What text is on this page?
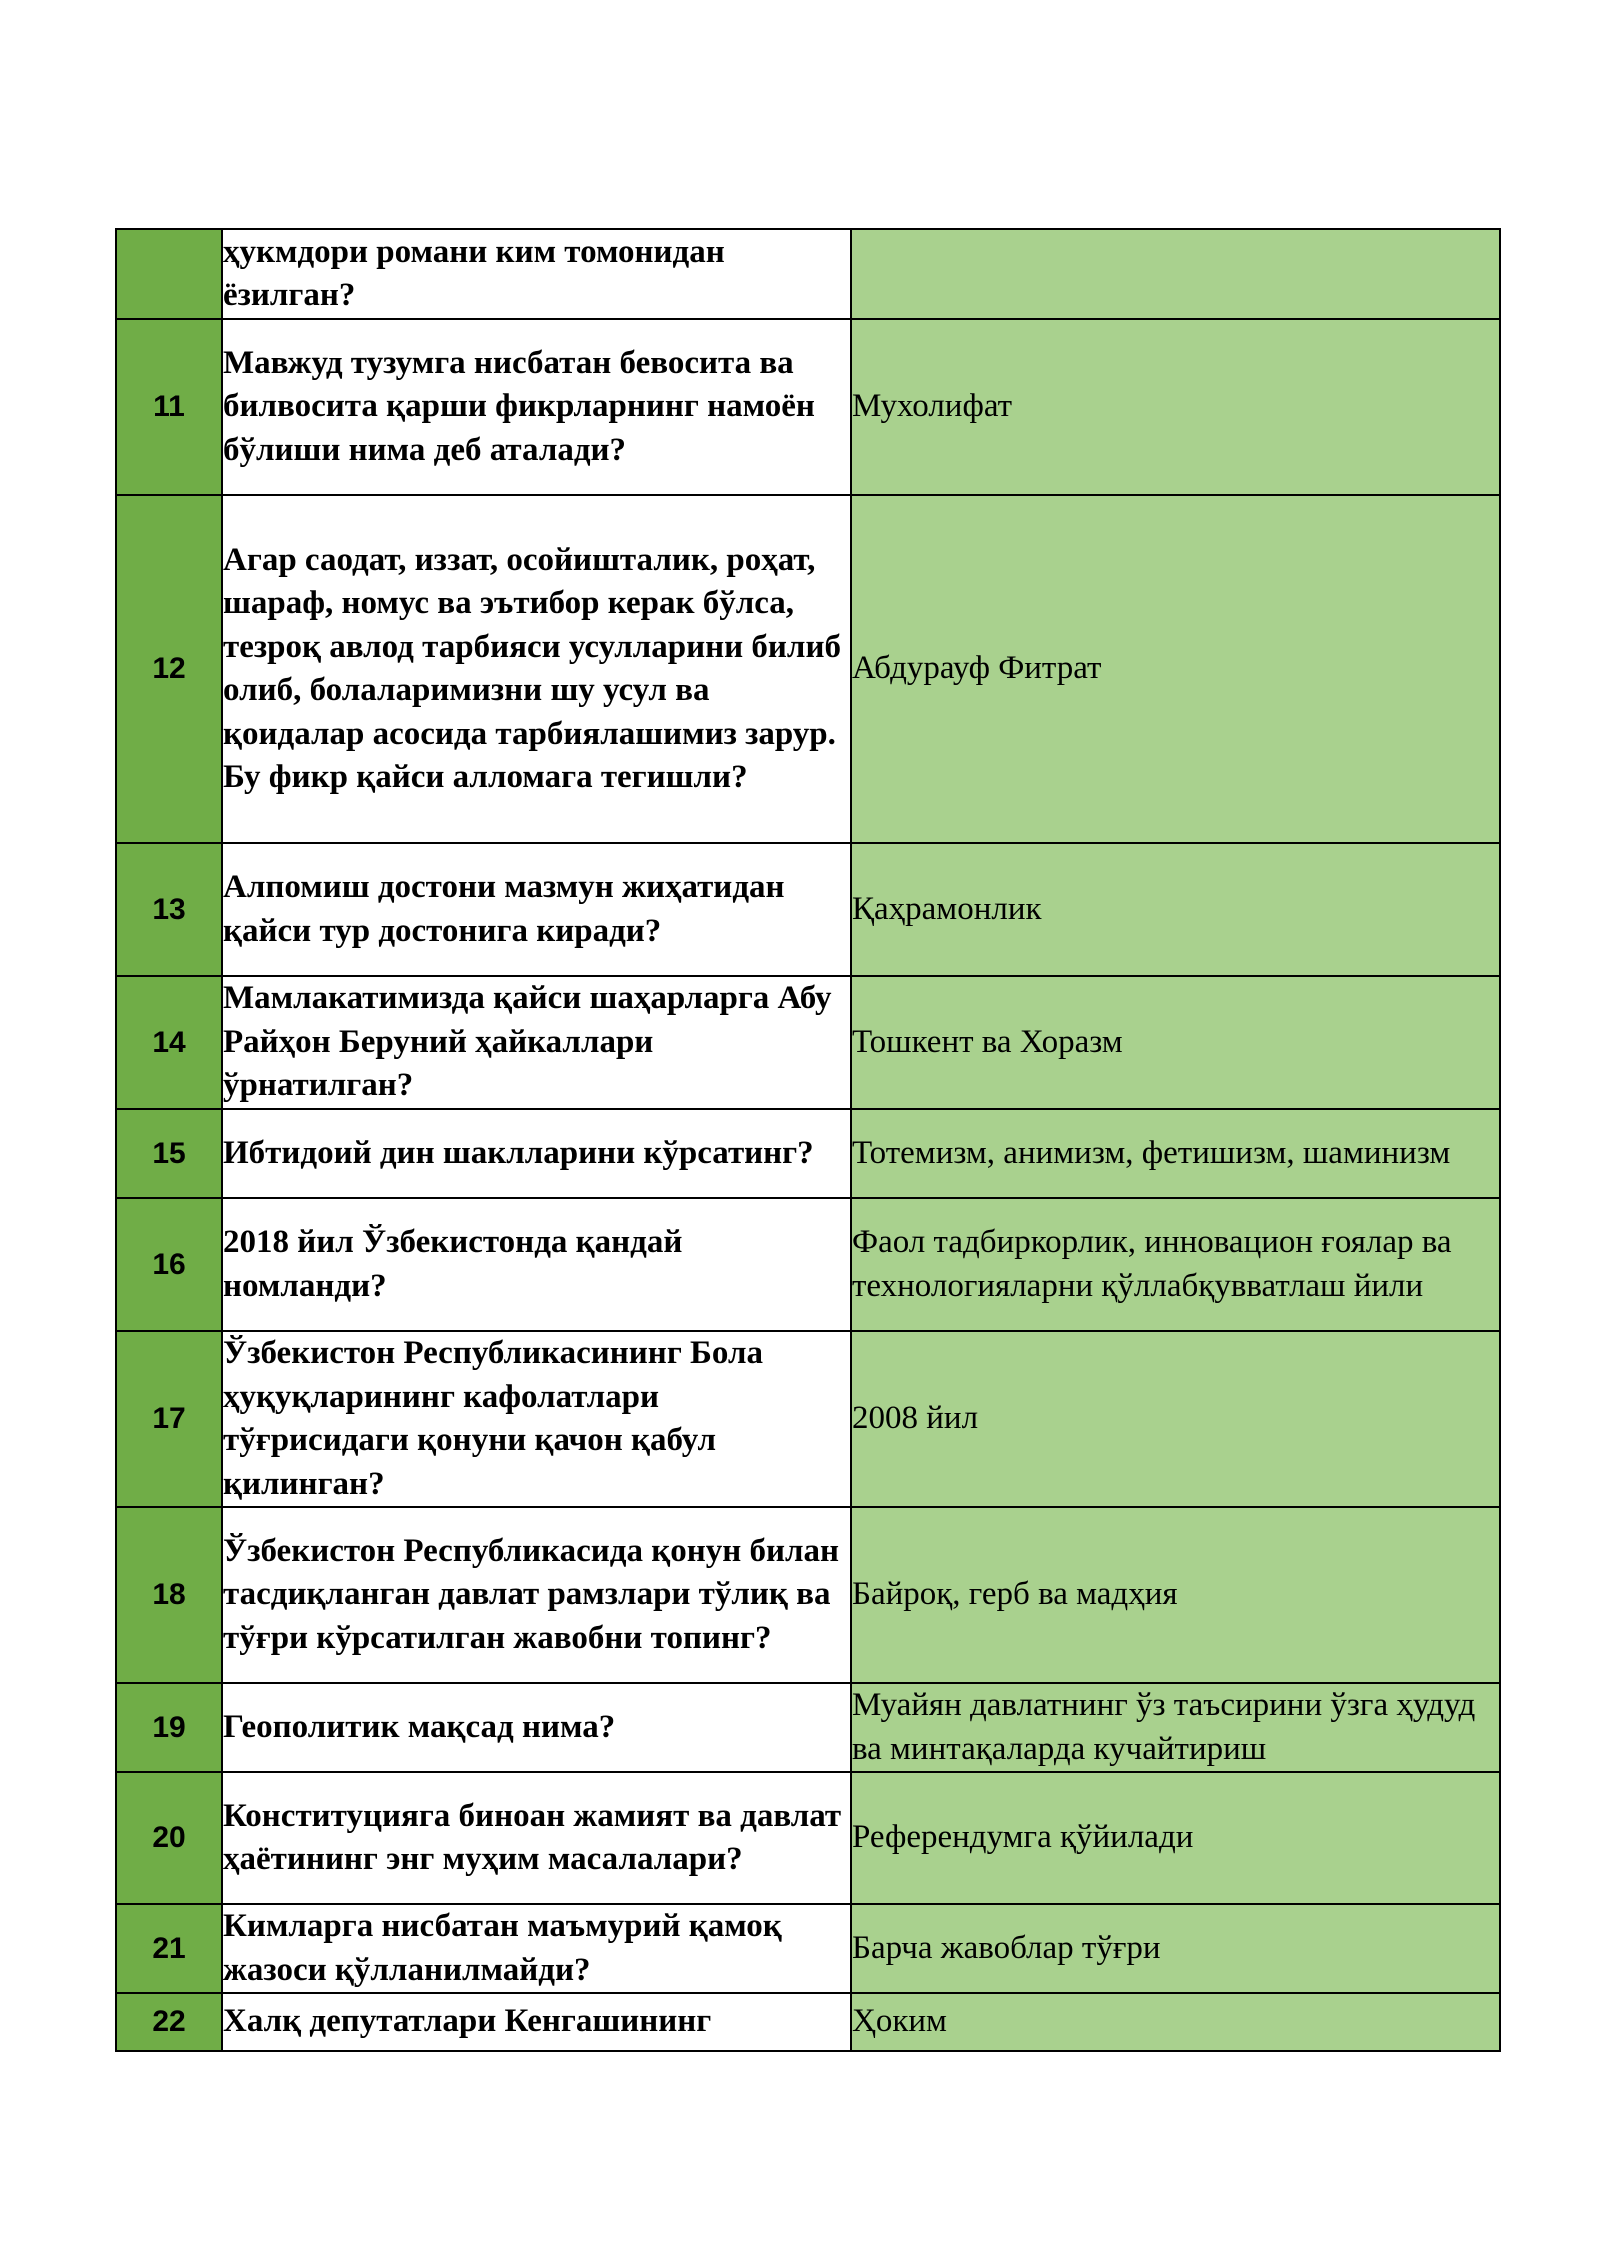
	ҳукмдори романи ким томонидан ёзилган?	

11	Мавжуд тузумга нисбатан бевосита ва билвосита қарши фикрларнинг намоён бўлиши нима деб аталади?	Мухолифат

12	Агар саодат, иззат, осойишталик, роҳат, шараф, номус ва эътибор керак бўлса, тезроқ авлод тарбияси усулларини билиб олиб, болаларимизни шу усул ва қоидалар асосида тарбиялашимиз зарур. Бу фикр қайси алломага тегишли?	Абдурауф Фитрат

13	Алпомиш достони мазмун жиҳатидан қайси тур достонига киради?	Қаҳрамонлик

14	Мамлакатимизда қайси шаҳарларга Абу Райҳон Беруний ҳайкаллари ўрнатилган?	Тошкент ва Хоразм

15	Ибтидоий дин шаклларини кўрсатинг?	Тотемизм, анимизм, фетишизм, шаминизм

16	2018 йил Ўзбекистонда қандай номланди?	Фаол тадбиркорлик, инновацион ғоялар ва технологияларни қўллабқувватлаш йили

17	Ўзбекистон Республикасининг Бола ҳуқуқларининг кафолатлари тўғрисидаги қонуни қачон қабул қилинган?	2008 йил

18	Ўзбекистон Республикасида қонун билан тасдиқланган давлат рамзлари тўлиқ ва тўғри кўрсатилган жавобни топинг?	Байроқ, герб ва мадҳия

19	Геополитик мақсад нима?	Муайян давлатнинг ўз таъсирини ўзга ҳудуд ва минтақаларда кучайтириш

20	Конституцияга биноан жамият ва давлат ҳаётининг энг муҳим масалалари?	Референдумга қўйилади

21	Кимларга нисбатан маъмурий қамоқ жазоси қўлланилмайди?	Барча жавоблар тўғри

22	Халқ депутатлари Кенгашининг	Ҳоким
